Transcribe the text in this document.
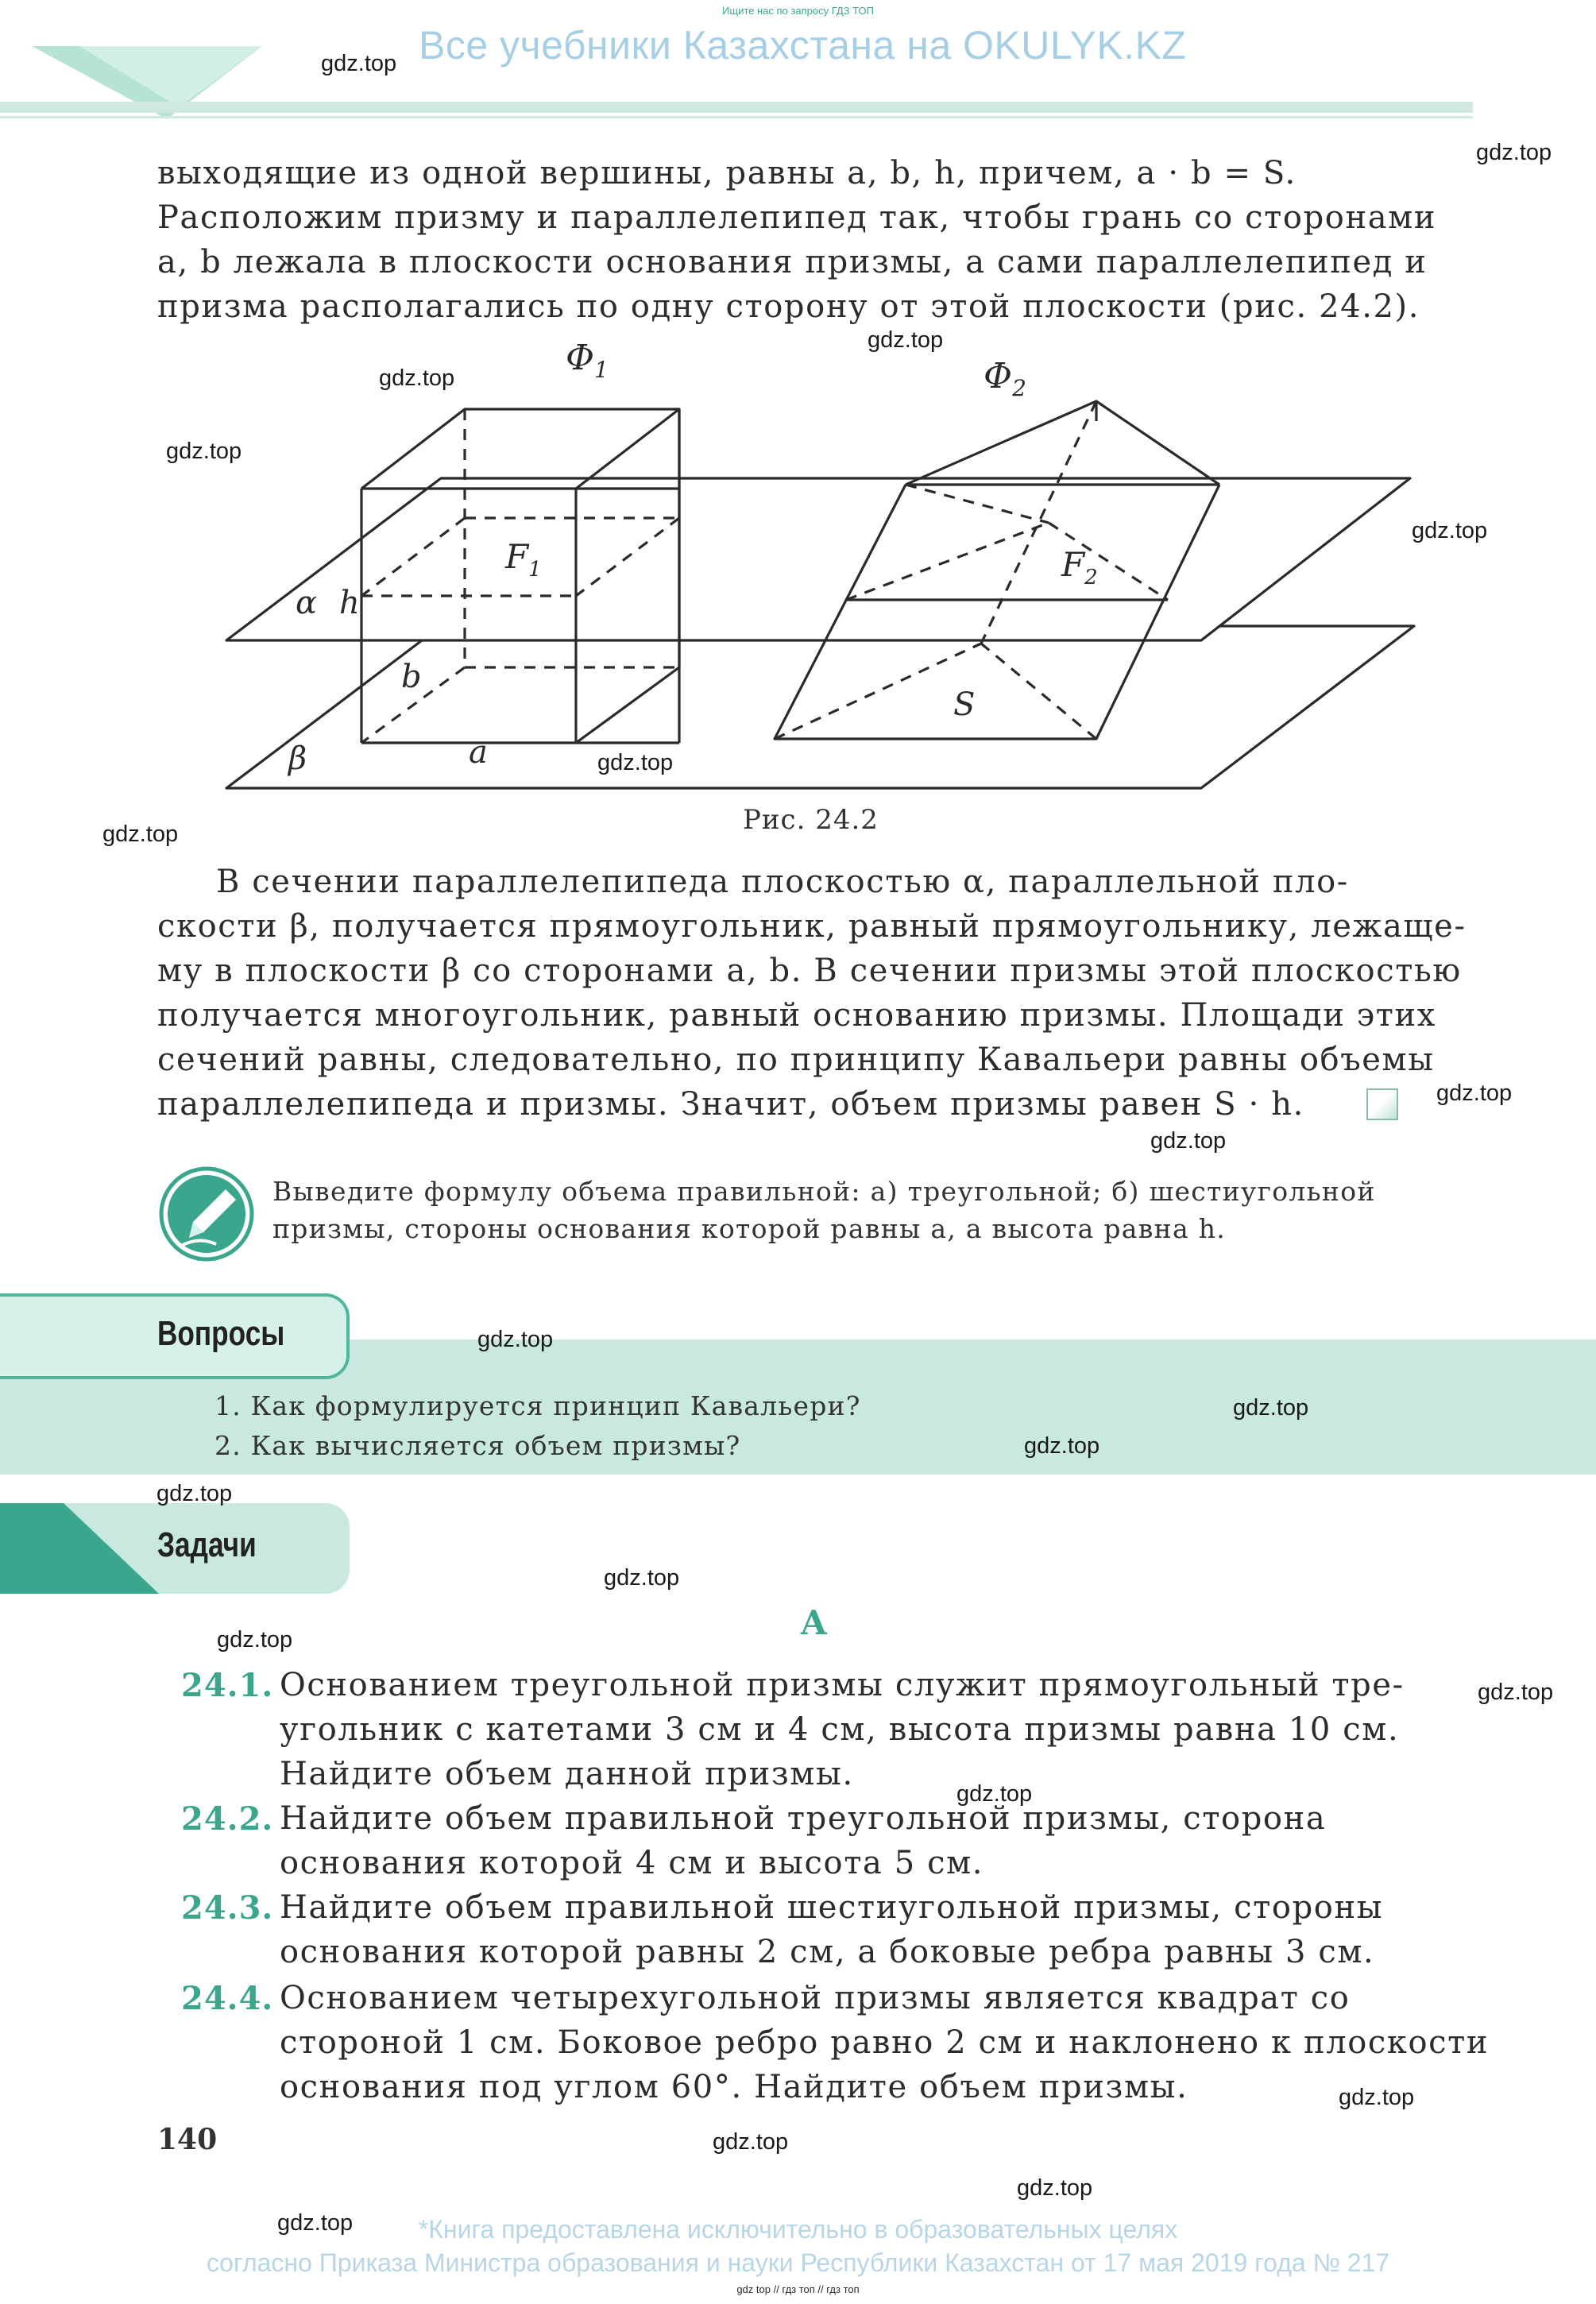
Ищите нас по запросу ГДЗ ТОП
Все учебники Казахстана на OKULYK.KZ
выходящие из одной вершины, равны a, b, h, причем, a · b = S.
Расположим призму и параллелепипед так, чтобы грань со сторонами
a, b лежала в плоскости основания призмы, а сами параллелепипед и
призма располагались по одну сторону от этой плоскости (рис. 24.2).
$\Phi_1$	$\Phi_2$
$F_1$	$F_2$
α h
b
a
β
S
Рис. 24.2
В сечении параллелепипеда плоскостью α, параллельной пло-
скости β, получается прямоугольник, равный прямоугольнику, лежаще-
му в плоскости β со сторонами a, b. В сечении призмы этой плоскостью
получается многоугольник, равный основанию призмы. Площади этих
сечений равны, следовательно, по принципу Кавальери равны объемы
параллелепипеда и призмы. Значит, объем призмы равен S · h.
Выведите формулу объема правильной: а) треугольной; б) шестиугольной
призмы, стороны основания которой равны a, а высота равна h.
Вопросы
1. Как формулируется принцип Кавальери?
2. Как вычисляется объем призмы?
Задачи
A
24.1. Основанием треугольной призмы служит прямоугольный тре-
угольник с катетами 3 см и 4 см, высота призмы равна 10 см.
Найдите объем данной призмы.
24.2. Найдите объем правильной треугольной призмы, сторона
основания которой 4 см и высота 5 см.
24.3. Найдите объем правильной шестиугольной призмы, стороны
основания которой равны 2 см, а боковые ребра равны 3 см.
24.4. Основанием четырехугольной призмы является квадрат со
стороной 1 см. Боковое ребро равно 2 см и наклонено к плоскости
основания под углом 60°. Найдите объем призмы.
140
*Книга предоставлена исключительно в образовательных целях
согласно Приказа Министра образования и науки Республики Казахстан от 17 мая 2019 года № 217
gdz top // гдз топ // гдз топ
gdz.top
gdz.top
gdz.top
gdz.top
gdz.top
gdz.top
gdz.top
gdz.top
gdz.top
gdz.top
gdz.top
gdz.top
gdz.top
gdz.top
gdz.top
gdz.top
gdz.top
gdz.top
gdz.top
gdz.top
gdz.top
gdz.top
